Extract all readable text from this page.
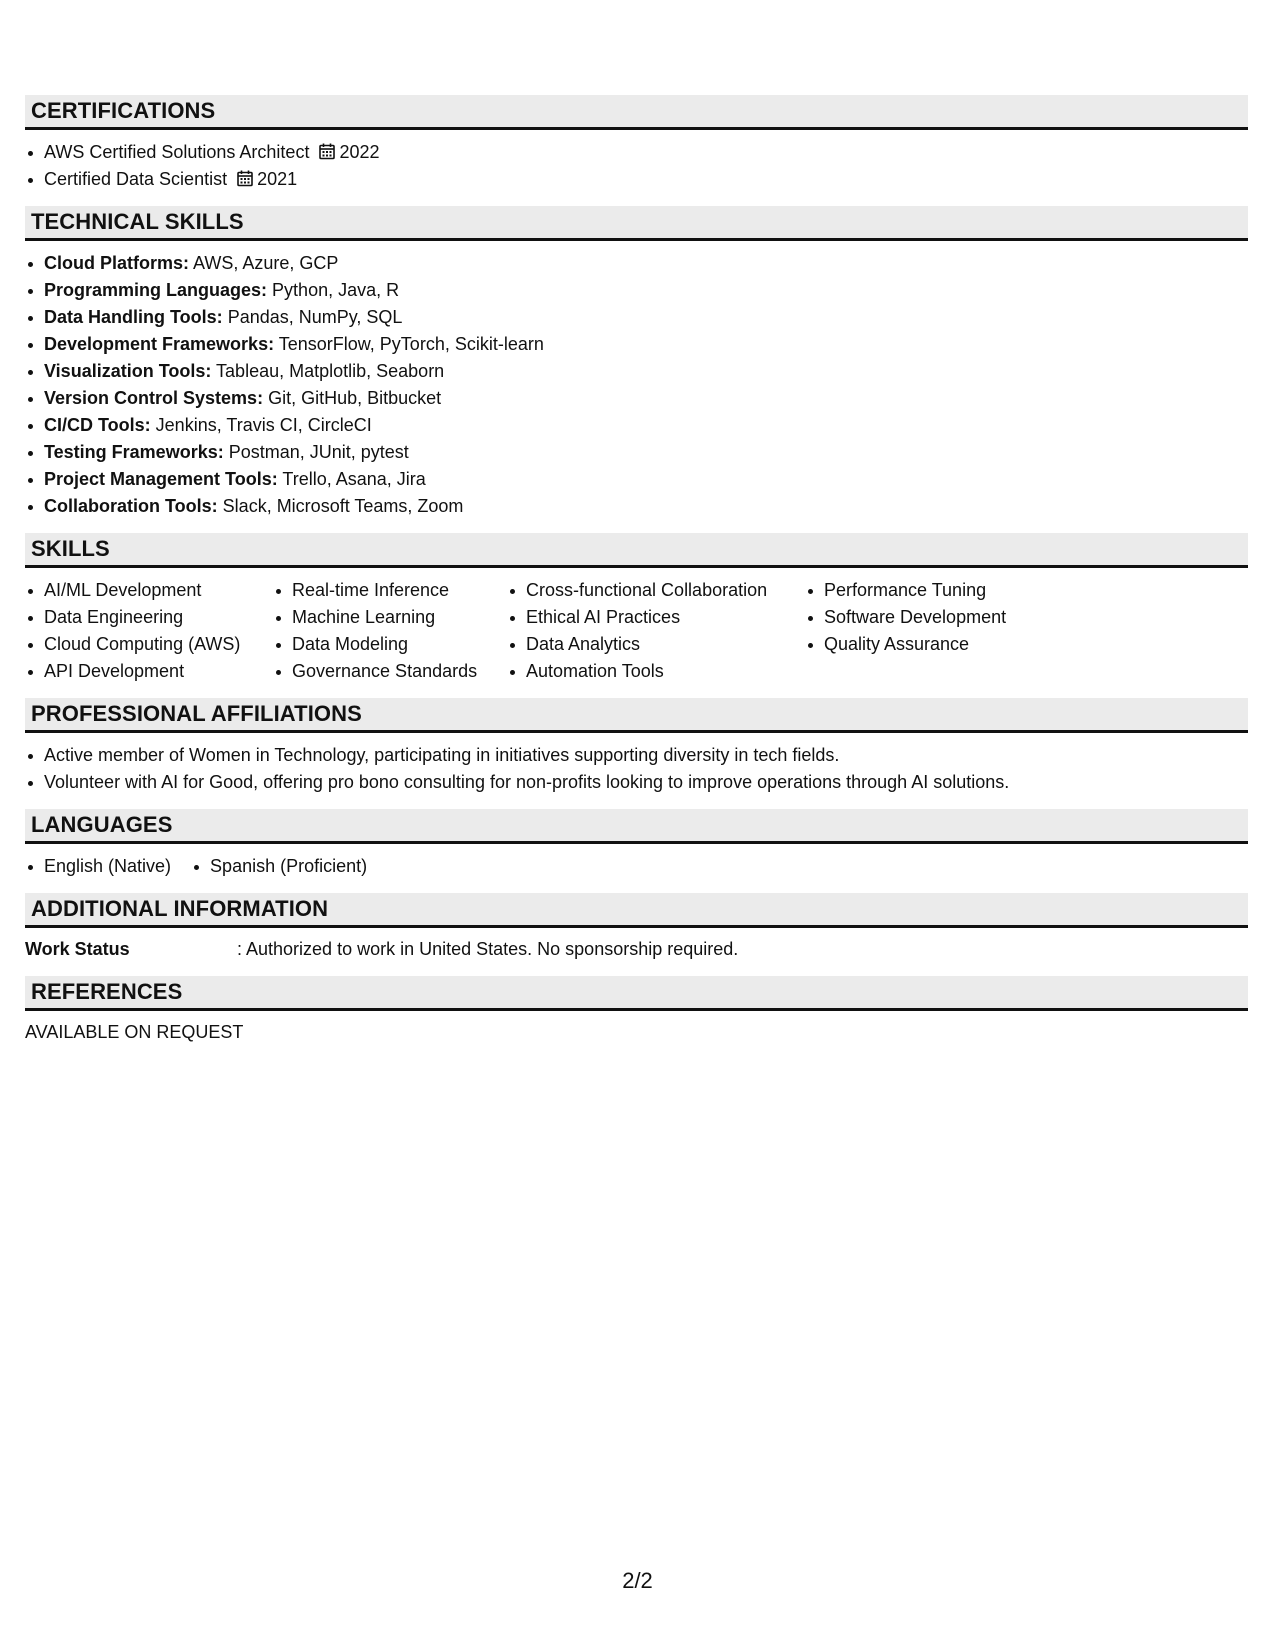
CERTIFICATIONS
AWS Certified Solutions Architect 2022
Certified Data Scientist 2021
TECHNICAL SKILLS
Cloud Platforms: AWS, Azure, GCP
Programming Languages: Python, Java, R
Data Handling Tools: Pandas, NumPy, SQL
Development Frameworks: TensorFlow, PyTorch, Scikit-learn
Visualization Tools: Tableau, Matplotlib, Seaborn
Version Control Systems: Git, GitHub, Bitbucket
CI/CD Tools: Jenkins, Travis CI, CircleCI
Testing Frameworks: Postman, JUnit, pytest
Project Management Tools: Trello, Asana, Jira
Collaboration Tools: Slack, Microsoft Teams, Zoom
SKILLS
AI/ML Development
Data Engineering
Cloud Computing (AWS)
API Development
Real-time Inference
Machine Learning
Data Modeling
Governance Standards
Cross-functional Collaboration
Ethical AI Practices
Data Analytics
Automation Tools
Performance Tuning
Software Development
Quality Assurance
PROFESSIONAL AFFILIATIONS
Active member of Women in Technology, participating in initiatives supporting diversity in tech fields.
Volunteer with AI for Good, offering pro bono consulting for non-profits looking to improve operations through AI solutions.
LANGUAGES
English (Native)	Spanish (Proficient)
ADDITIONAL INFORMATION
Work Status	: Authorized to work in United States. No sponsorship required.
REFERENCES
AVAILABLE ON REQUEST
2/2
